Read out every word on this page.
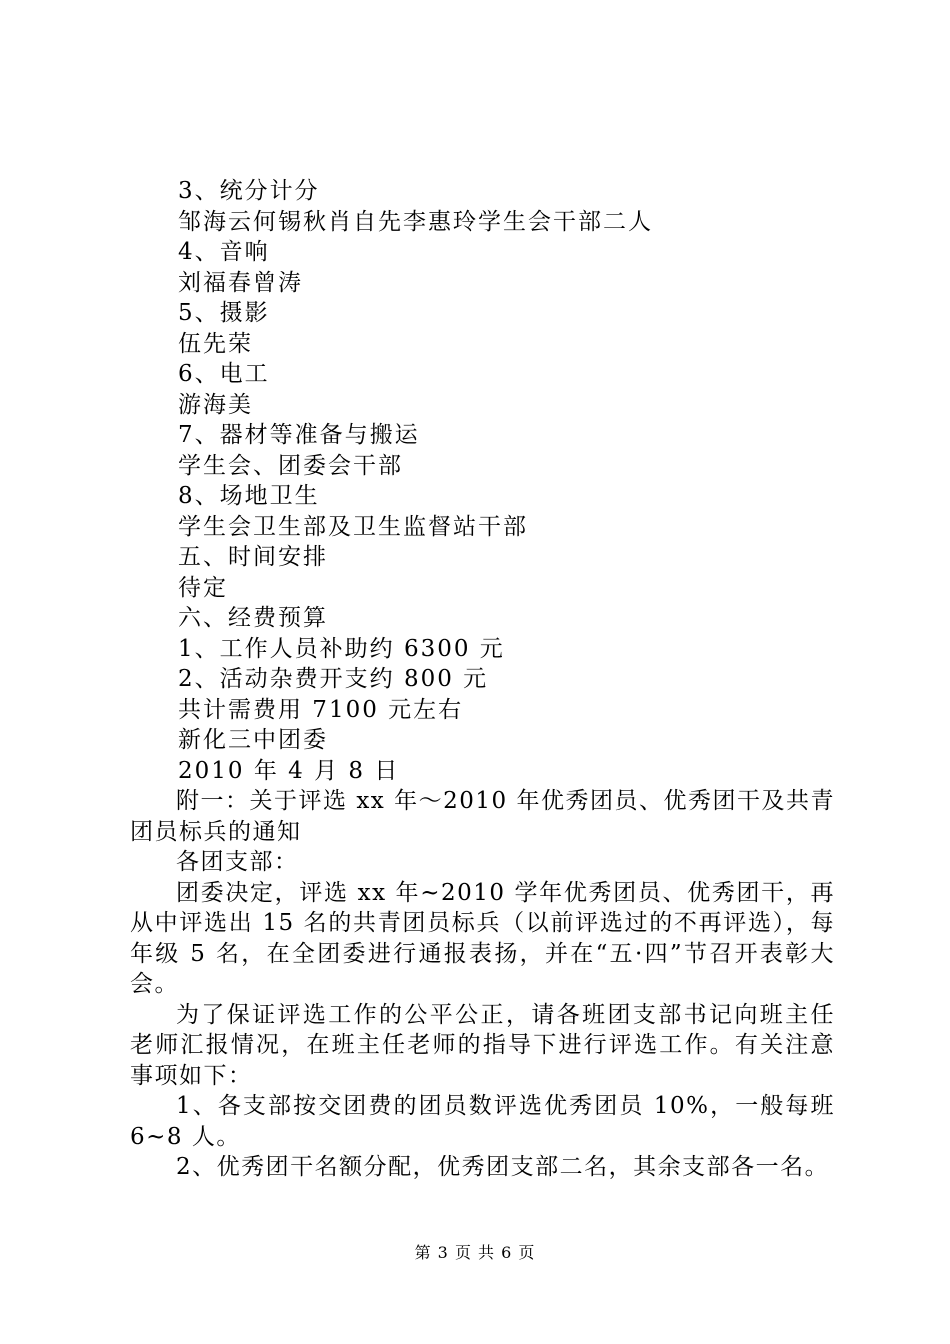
3、统分计分
邹海云何锡秋肖自先李惠玲学生会干部二人
4、音响
刘福春曾涛
5、摄影
伍先荣
6、电工
游海美
7、器材等准备与搬运
学生会、团委会干部
8、场地卫生
学生会卫生部及卫生监督站干部
五、时间安排
待定
六、经费预算
1、工作人员补助约 6300 元
2、活动杂费开支约 800 元
共计需费用 7100 元左右
新化三中团委
2010 年 4 月 8 日

附一：关于评选 xx 年～2010 年优秀团员、优秀团干及共青团员标兵的通知

各团支部：

团委决定，评选 xx 年~2010 学年优秀团员、优秀团干，再从中评选出 15 名的共青团员标兵（以前评选过的不再评选），每年级 5 名，在全团委进行通报表扬，并在“五·四”节召开表彰大会。

为了保证评选工作的公平公正，请各班团支部书记向班主任老师汇报情况，在班主任老师的指导下进行评选工作。有关注意事项如下：

1、各支部按交团费的团员数评选优秀团员 10%，一般每班 6~8 人。

2、优秀团干名额分配，优秀团支部二名，其余支部各一名。

第 3 页 共 6 页
